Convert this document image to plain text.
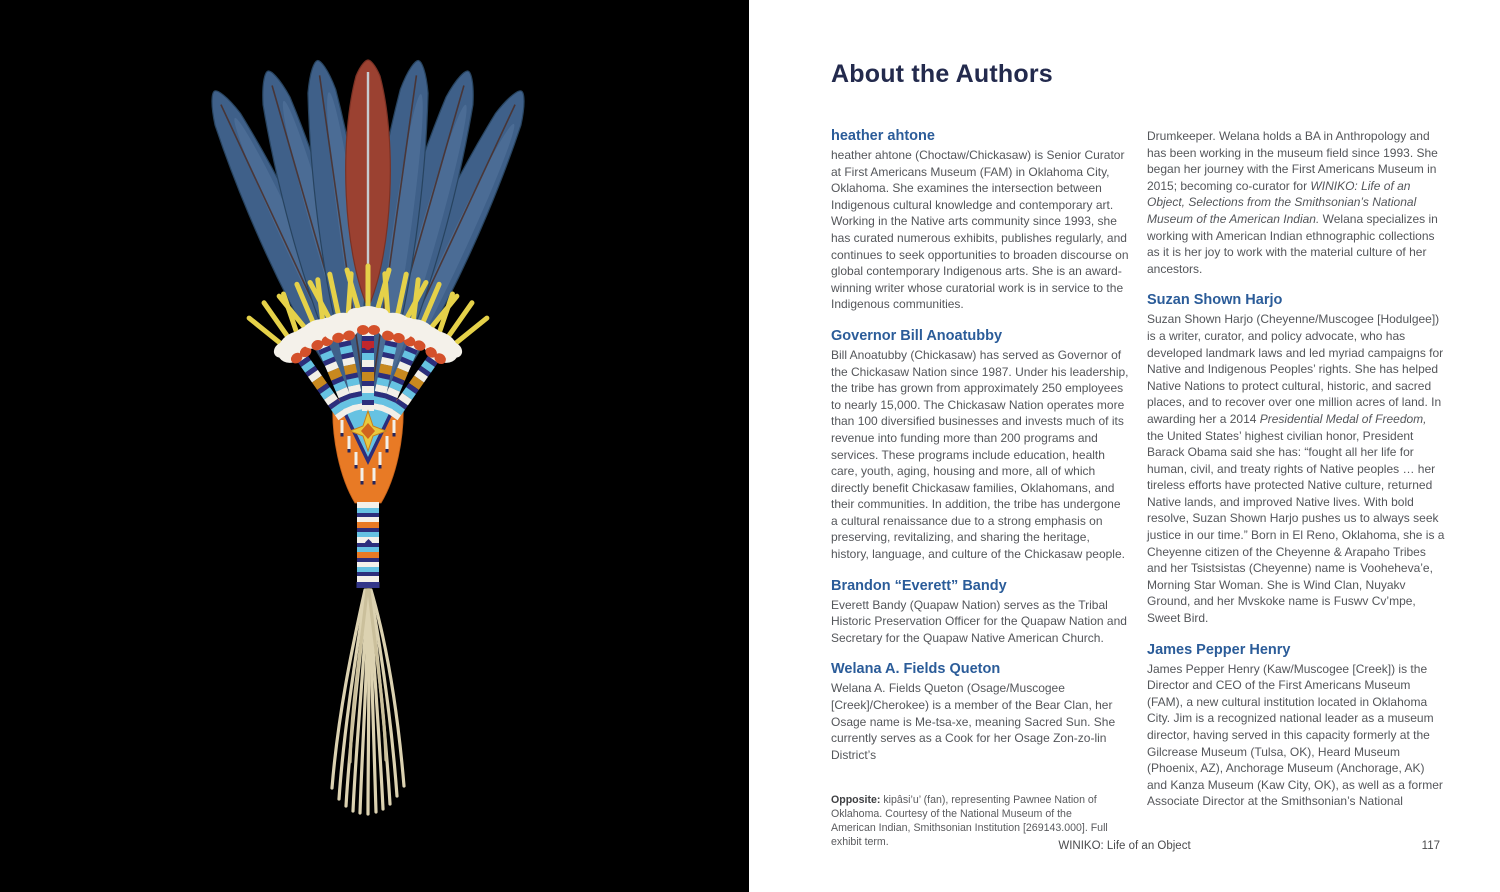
About the Authors
heather ahtone

heather ahtone (Choctaw/Chickasaw) is Senior Curator at First Americans Museum (FAM) in Oklahoma City, Oklahoma. She examines the intersection between Indigenous cultural knowledge and contemporary art. Working in the Native arts community since 1993, she has curated numerous exhibits, publishes regularly, and continues to seek opportunities to broaden discourse on global contemporary Indigenous arts. She is an award-winning writer whose curatorial work is in service to the Indigenous communities.

Governor Bill Anoatubby

Bill Anoatubby (Chickasaw) has served as Governor of the Chickasaw Nation since 1987. Under his leadership, the tribe has grown from approximately 250 employees to nearly 15,000. The Chickasaw Nation operates more than 100 diversified businesses and invests much of its revenue into funding more than 200 programs and services. These programs include education, health care, youth, aging, housing and more, all of which directly benefit Chickasaw families, Oklahomans, and their communities. In addition, the tribe has undergone a cultural renaissance due to a strong emphasis on preserving, revitalizing, and sharing the heritage, history, language, and culture of the Chickasaw people.

Brandon “Everett” Bandy

Everett Bandy (Quapaw Nation) serves as the Tribal Historic Preservation Officer for the Quapaw Nation and Secretary for the Quapaw Native American Church.

Welana A. Fields Queton

Welana A. Fields Queton (Osage/Muscogee [Creek]/Cherokee) is a member of the Bear Clan, her Osage name is Me-tsa-xe, meaning Sacred Sun. She currently serves as a Cook for her Osage Zon-zo-lin District’s

Opposite: kipâsi’u’ (fan), representing Pawnee Nation of Oklahoma. Courtesy of the National Museum of the American Indian, Smithsonian Institution [269143.000]. Full exhibit term.

Drumkeeper. Welana holds a BA in Anthropology and has been working in the museum field since 1993. She began her journey with the First Americans Museum in 2015; becoming co-curator for WINIKO: Life of an Object, Selections from the Smithsonian’s National Museum of the American Indian. Welana specializes in working with American Indian ethnographic collections as it is her joy to work with the material culture of her ancestors.

Suzan Shown Harjo

Suzan Shown Harjo (Cheyenne/Muscogee [Hodulgee]) is a writer, curator, and policy advocate, who has developed landmark laws and led myriad campaigns for Native and Indigenous Peoples’ rights. She has helped Native Nations to protect cultural, historic, and sacred places, and to recover over one million acres of land. In awarding her a 2014 Presidential Medal of Freedom, the United States’ highest civilian honor, President Barack Obama said she has: “fought all her life for human, civil, and treaty rights of Native peoples … her tireless efforts have protected Native culture, returned Native lands, and improved Native lives. With bold resolve, Suzan Shown Harjo pushes us to always seek justice in our time.” Born in El Reno, Oklahoma, she is a Cheyenne citizen of the Cheyenne & Arapaho Tribes and her Tsistsistas (Cheyenne) name is Vooheheva’e, Morning Star Woman. She is Wind Clan, Nuyakv Ground, and her Mvskoke name is Fuswv Cv’mpe, Sweet Bird.

James Pepper Henry

James Pepper Henry (Kaw/Muscogee [Creek]) is the Director and CEO of the First Americans Museum (FAM), a new cultural institution located in Oklahoma City. Jim is a recognized national leader as a museum director, having served in this capacity formerly at the Gilcrease Museum (Tulsa, OK), Heard Museum (Phoenix, AZ), Anchorage Museum (Anchorage, AK) and Kanza Museum (Kaw City, OK), as well as a former Associate Director at the Smithsonian’s National

WINIKO: Life of an Object	117
